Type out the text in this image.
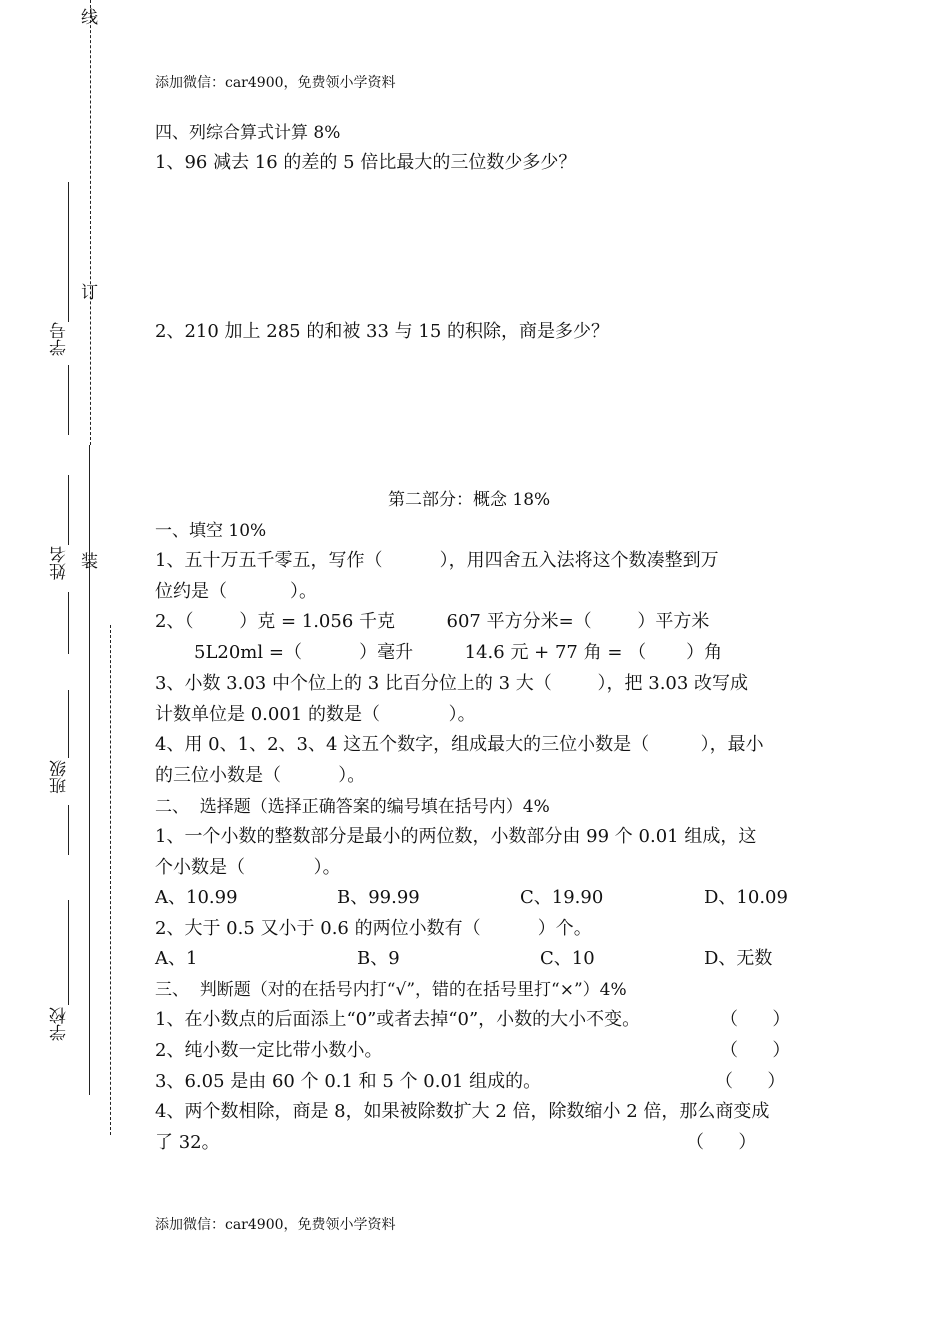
线
订
装
学号
姓名
班级
学校
添加微信：car4900，免费领小学资料
添加微信：car4900，免费领小学资料
四、列综合算式计算 8%
1、96 减去 16 的差的 5 倍比最大的三位数少多少？
2、210 加上 285 的和被 33 与 15 的积除，商是多少？
第二部分：概念 18%
一、填空 10%
1、五十万五千零五，写作（          ），用四舍五入法将这个数凑整到万
位约是（           ）。
2、（        ）克 = 1.056 千克         607 平方分米=（        ）平方米
5L20ml =（          ）毫升         14.6 元 + 77 角 = （       ）角
3、小数 3.03 中个位上的 3 比百分位上的 3 大（        ），把 3.03 改写成
计数单位是 0.001 的数是（            ）。
4、用 0、1、2、3、4 这五个数字，组成最大的三位小数是（         ），最小
的三位小数是（          ）。
二、  选择题（选择正确答案的编号填在括号内）4%
1、一个小数的整数部分是最小的两位数，小数部分由 99 个 0.01 组成，这
个小数是（            ）。
A、10.99	B、99.99	C、19.90	D、10.09
2、大于 0.5 又小于 0.6 的两位小数有（          ）个。
A、1	B、9	C、10	D、无数
三、  判断题（对的在括号内打“√”，错的在括号里打“×”）4%
1、在小数点的后面添上“0”或者去掉“0”，小数的大小不变。	（      ）
2、纯小数一定比带小数小。	（      ）
3、6.05 是由 60 个 0.1 和 5 个 0.01 组成的。	（      ）
4、两个数相除，商是 8，如果被除数扩大 2 倍，除数缩小 2 倍，那么商变成
了 32。	（      ）
